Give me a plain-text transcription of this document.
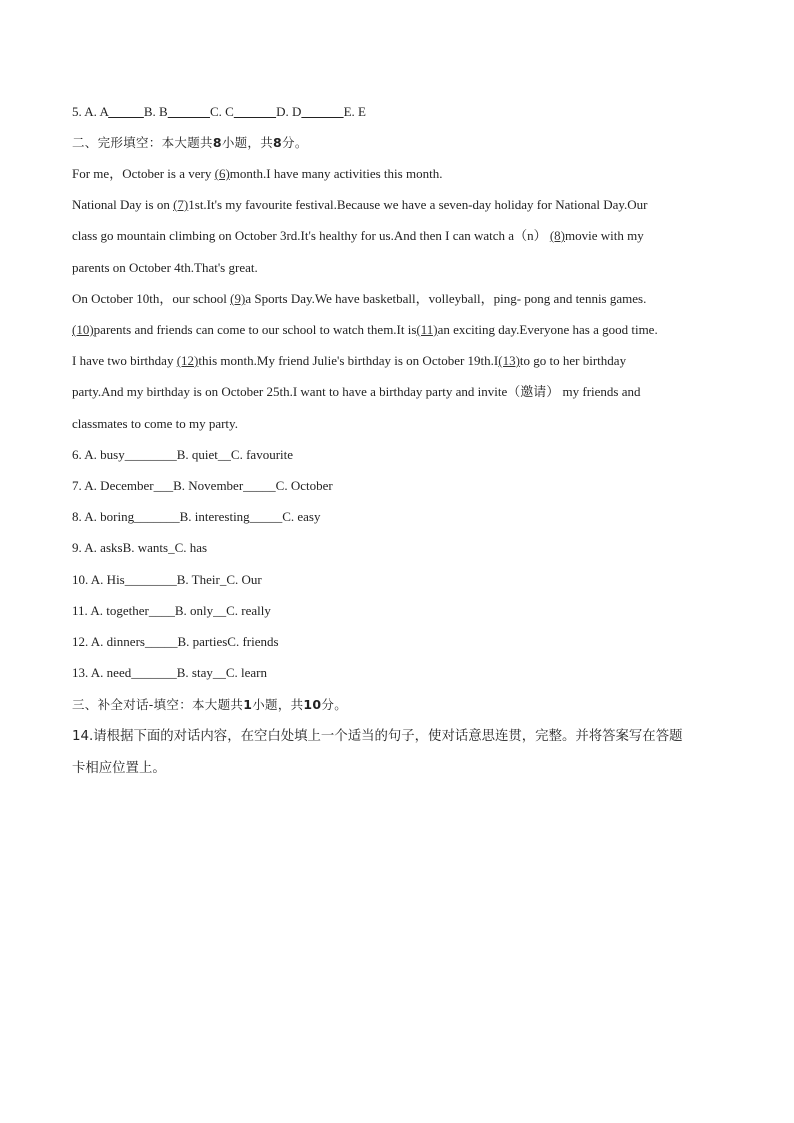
5. A. A	B. B	C. C	D. D	E. E
二、完形填空：本大题共8小题，共8分。
For me，October is a very (6)month.I have many activities this month.
National Day is on (7)1st.It's my favourite festival.Because we have a seven-day holiday for National Day.Our
class go mountain climbing on October 3rd.It's healthy for us.And then I can watch a（n） (8)movie with my
parents on October 4th.That's great.
On October 10th，our school (9)a Sports Day.We have basketball，volleyball，ping- pong and tennis games.
(10)parents and friends can come to our school to watch them.It is(11)an exciting day.Everyone has a good time.
I have two birthday (12)this month.My friend Julie's birthday is on October 19th.I(13)to go to her birthday
party.And my birthday is on October 25th.I want to have a birthday party and invite（邀请） my friends and
classmates to come to my party.
6. A. busy________B. quiet__C. favourite
7. A. December___B. November_____C. October
8. A. boring_______B. interesting_____C. easy
9. A. asksB. wants_C. has
10. A. His________B. Their_C. Our
11. A. together____B. only__C. really
12. A. dinners_____B. partiesC. friends
13. A. need_______B. stay__C. learn
三、补全对话-填空：本大题共1小题，共10分。
14.请根据下面的对话内容，在空白处填上一个适当的句子，使对话意思连贯，完整。并将答案写在答题
卡相应位置上。
